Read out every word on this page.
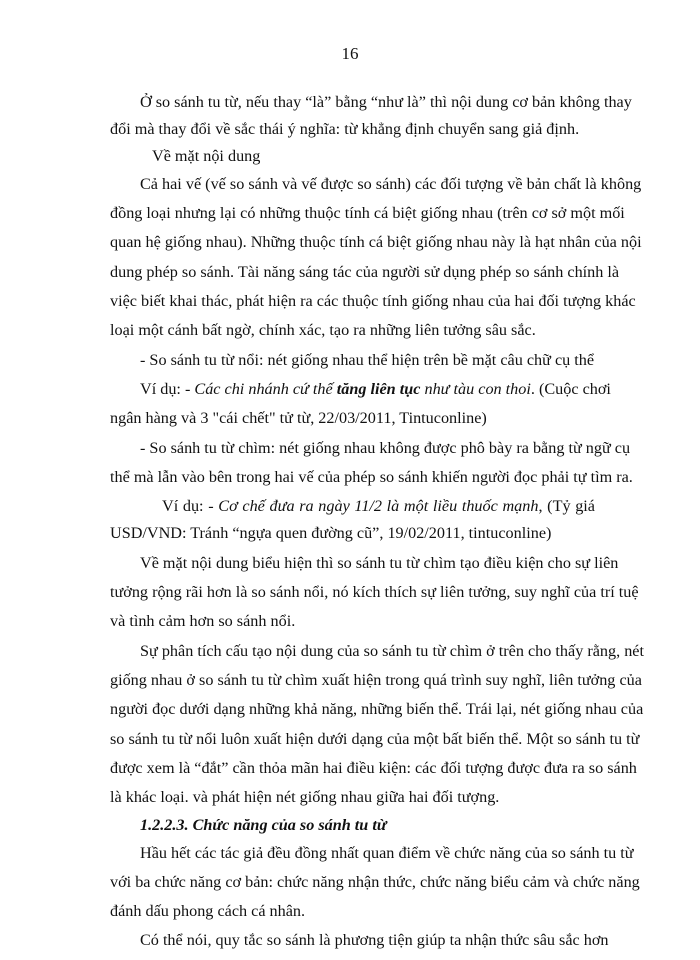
16
Ở so sánh tu từ, nếu thay “là” bằng “như là” thì nội dung cơ bản không thay
đổi mà thay đổi về sắc thái ý nghĩa: từ khẳng định chuyển sang giả định.
Về mặt nội dung
Cả hai vế (vế so sánh và vế được so sánh) các đối tượng về bản chất là không
đồng loại nhưng lại có những thuộc tính cá biệt giống nhau (trên cơ sở một mối
quan hệ giống nhau). Những thuộc tính cá biệt giống nhau này là hạt nhân của nội
dung phép so sánh. Tài năng sáng tác của người sử dụng phép so sánh chính là
việc biết khai thác, phát hiện ra các thuộc tính giống nhau của hai đối tượng khác
loại một cánh bất ngờ, chính xác, tạo ra những liên tưởng sâu sắc.
- So sánh tu từ nổi: nét giống nhau thể hiện trên bề mặt câu chữ cụ thể
Ví dụ: - Các chi nhánh cứ thế tăng liên tục như tàu con thoi. (Cuộc chơi
ngân hàng và 3 "cái chết" tử từ, 22/03/2011, Tintuconline)
- So sánh tu từ chìm: nét giống nhau không được phô bày ra bằng từ ngữ cụ
thể mà lẫn vào bên trong hai vế của phép so sánh khiến người đọc phải tự tìm ra.
Ví dụ: - Cơ chế đưa ra ngày 11/2 là một liều thuốc mạnh, (Tỷ giá
USD/VND: Tránh “ngựa quen đường cũ”, 19/02/2011, tintuconline)
Về mặt nội dung biểu hiện thì so sánh tu từ chìm tạo điều kiện cho sự liên
tưởng rộng rãi hơn là so sánh nổi, nó kích thích sự liên tưởng, suy nghĩ của trí tuệ
và tình cảm hơn so sánh nổi.
Sự phân tích cấu tạo nội dung của so sánh tu từ chìm ở trên cho thấy rằng, nét
giống nhau ở so sánh tu từ chìm xuất hiện trong quá trình suy nghĩ, liên tưởng của
người đọc dưới dạng những khả năng, những biến thể. Trái lại, nét giống nhau của
so sánh tu từ nổi luôn xuất hiện dưới dạng của một bất biến thể. Một so sánh tu từ
được xem là “đắt” cần thỏa mãn hai điều kiện: các đối tượng được đưa ra so sánh
là khác loại. và phát hiện nét giống nhau giữa hai đối tượng.
1.2.2.3. Chức năng của so sánh tu từ
Hầu hết các tác giả đều đồng nhất quan điểm về chức năng của so sánh tu từ
với ba chức năng cơ bản: chức năng nhận thức, chức năng biểu cảm và chức năng
đánh dấu phong cách cá nhân.
Có thể nói, quy tắc so sánh là phương tiện giúp ta nhận thức sâu sắc hơn
